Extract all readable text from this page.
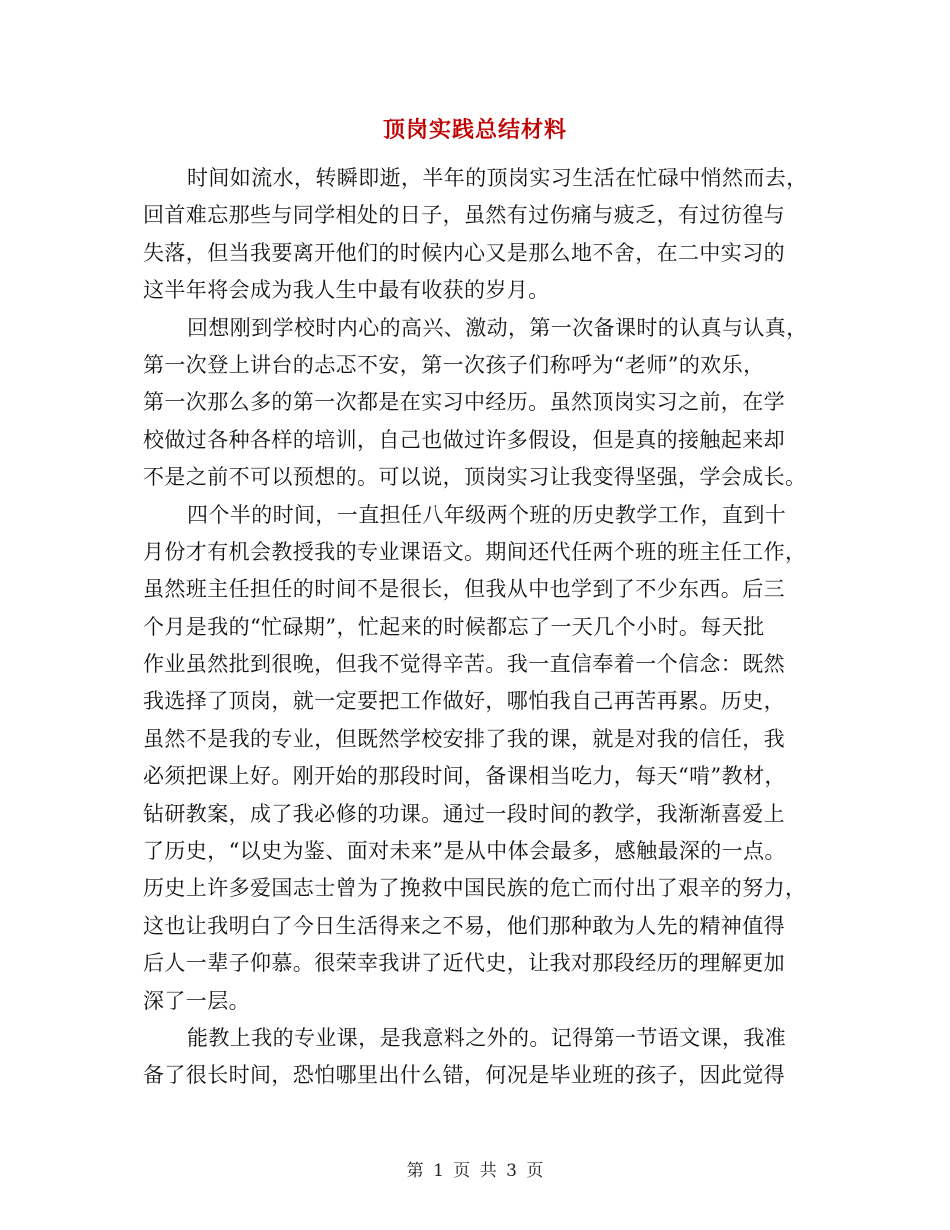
顶岗实践总结材料
时间如流水，转瞬即逝，半年的顶岗实习生活在忙碌中悄然而去，
回首难忘那些与同学相处的日子，虽然有过伤痛与疲乏，有过彷徨与
失落，但当我要离开他们的时候内心又是那么地不舍，在二中实习的
这半年将会成为我人生中最有收获的岁月。
回想刚到学校时内心的高兴、激动，第一次备课时的认真与认真，
第一次登上讲台的忐忑不安，第一次孩子们称呼为“老师”的欢乐，
第一次那么多的第一次都是在实习中经历。虽然顶岗实习之前，在学
校做过各种各样的培训，自己也做过许多假设，但是真的接触起来却
不是之前不可以预想的。可以说，顶岗实习让我变得坚强，学会成长。
四个半的时间，一直担任八年级两个班的历史教学工作，直到十
月份才有机会教授我的专业课语文。期间还代任两个班的班主任工作，
虽然班主任担任的时间不是很长，但我从中也学到了不少东西。后三
个月是我的“忙碌期”，忙起来的时候都忘了一天几个小时。每天批
作业虽然批到很晚，但我不觉得辛苦。我一直信奉着一个信念：既然
我选择了顶岗，就一定要把工作做好，哪怕我自己再苦再累。历史，
虽然不是我的专业，但既然学校安排了我的课，就是对我的信任，我
必须把课上好。刚开始的那段时间，备课相当吃力，每天“啃”教材，
钻研教案，成了我必修的功课。通过一段时间的教学，我渐渐喜爱上
了历史，“以史为鉴、面对未来”是从中体会最多，感触最深的一点。
历史上许多爱国志士曾为了挽救中国民族的危亡而付出了艰辛的努力，
这也让我明白了今日生活得来之不易，他们那种敢为人先的精神值得
后人一辈子仰慕。很荣幸我讲了近代史，让我对那段经历的理解更加
深了一层。
能教上我的专业课，是我意料之外的。记得第一节语文课，我准
备了很长时间，恐怕哪里出什么错，何况是毕业班的孩子，因此觉得
第 1 页 共 3 页
